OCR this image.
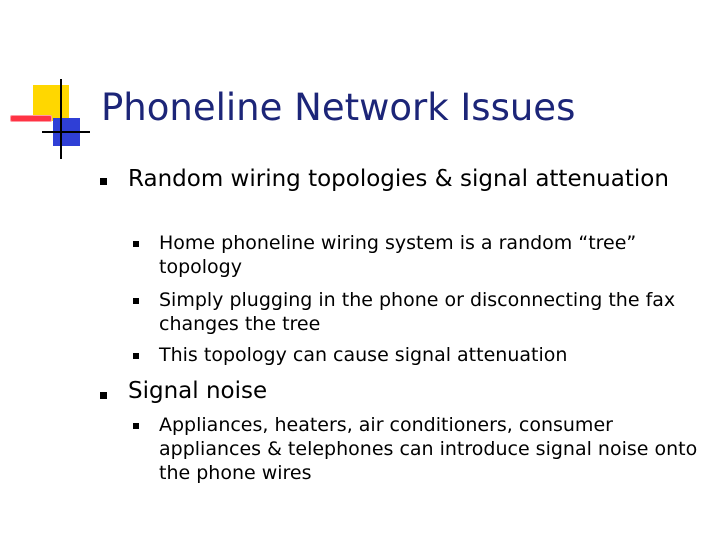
Phoneline Network Issues
Random wiring topologies & signal attenuation
Home phoneline wiring system is a random “tree” topology
Simply plugging in the phone or disconnecting the fax changes the tree
This topology can cause signal attenuation
Signal noise
Appliances, heaters, air conditioners, consumer appliances & telephones can introduce signal noise onto the phone wires
